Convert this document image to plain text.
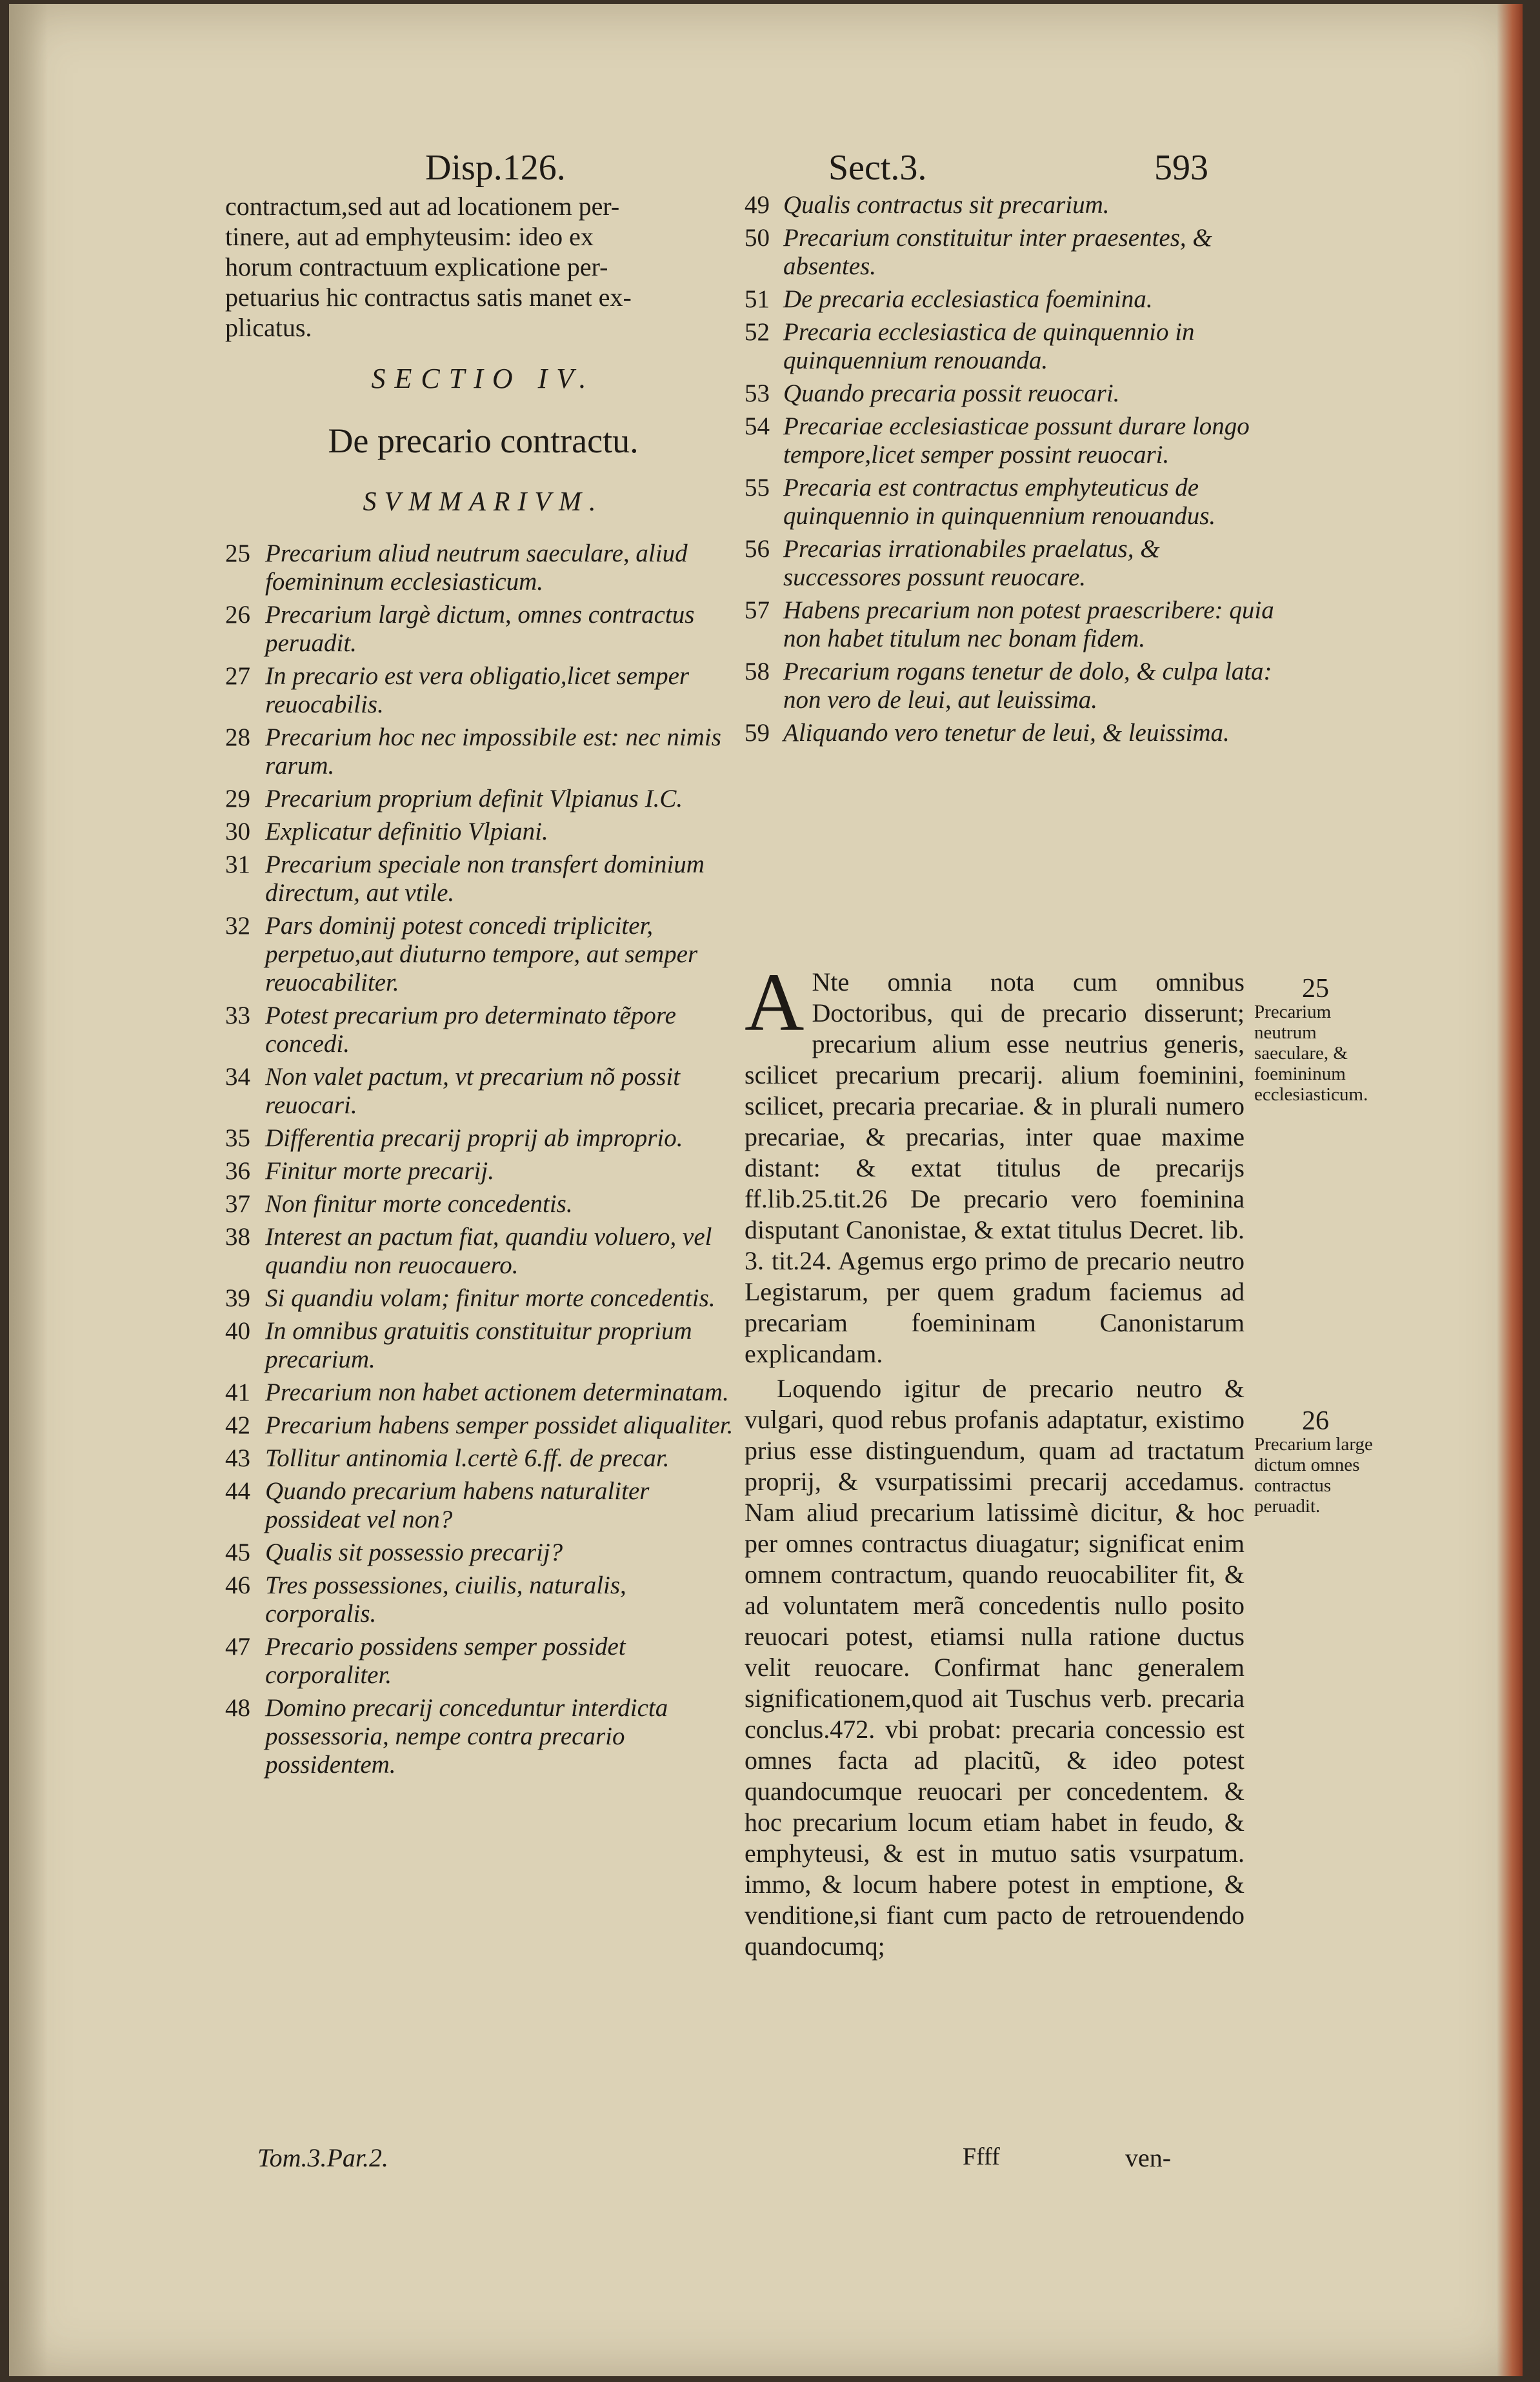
Disp.126.	Sect.3.	593

contractum,sed aut ad locationem per-

tinere, aut ad emphyteusim: ideo ex

horum contractuum explicatione per-

petuarius hic contractus satis manet ex-

plicatus.

SECTIO IV.
De precario contractu.
SVMMARIVM.
25 Precarium aliud neutrum saeculare, aliud foemininum ecclesiasticum.
26 Precarium largè dictum, omnes contractus peruadit.
27 In precario est vera obligatio,licet semper reuocabilis.
28 Precarium hoc nec impossibile est: nec nimis rarum.
29 Precarium proprium definit Vlpianus I.C.
30 Explicatur definitio Vlpiani.
31 Precarium speciale non transfert dominium directum, aut vtile.
32 Pars dominij potest concedi tripliciter, perpetuo,aut diuturno tempore, aut semper reuocabiliter.
33 Potest precarium pro determinato tẽpore concedi.
34 Non valet pactum, vt precarium nõ possit reuocari.
35 Differentia precarij proprij ab improprio.
36 Finitur morte precarij.
37 Non finitur morte concedentis.
38 Interest an pactum fiat, quandiu voluero, vel quandiu non reuocauero.
39 Si quandiu volam; finitur morte concedentis.
40 In omnibus gratuitis constituitur proprium precarium.
41 Precarium non habet actionem determinatam.
42 Precarium habens semper possidet aliqualiter.
43 Tollitur antinomia l.certè 6.ff. de precar.
44 Quando precarium habens naturaliter possideat vel non?
45 Qualis sit possessio precarij?
46 Tres possessiones, ciuilis, naturalis, corporalis.
47 Precario possidens semper possidet corporaliter.
48 Domino precarij conceduntur interdicta possessoria, nempe contra precario possidentem.
49 Qualis contractus sit precarium.
50 Precarium constituitur inter praesentes, & absentes.
51 De precaria ecclesiastica foeminina.
52 Precaria ecclesiastica de quinquennio in quinquennium renouanda.
53 Quando precaria possit reuocari.
54 Precariae ecclesiasticae possunt durare longo tempore,licet semper possint reuocari.
55 Precaria est contractus emphyteuticus de quinquennio in quinquennium renouandus.
56 Precarias irrationabiles praelatus, & successores possunt reuocare.
57 Habens precarium non potest praescribere: quia non habet titulum nec bonam fidem.
58 Precarium rogans tenetur de dolo, & culpa lata: non vero de leui, aut leuissima.
59 Aliquando vero tenetur de leui, & leuissima.

A Nte omnia nota cum omnibus Doctoribus, qui de precario disserunt; precarium alium esse neutrius generis, scilicet precarium precarij. alium foeminini, scilicet, precaria precariae. & in plurali numero precariae, & precarias, inter quae maxime distant: & extat titulus de precarijs ff.lib.25.tit.26 De precario vero foeminina disputant Canonistae, & extat titulus Decret. lib. 3. tit.24. Agemus ergo primo de precario neutro Legistarum, per quem gradum faciemus ad precariam foemininam Canonistarum explicandam.

Loquendo igitur de precario neutro & vulgari, quod rebus profanis adaptatur, existimo prius esse distinguendum, quam ad tractatum proprij, & vsurpatissimi precarij accedamus. Nam aliud precarium latissimè dicitur, & hoc per omnes contractus diuagatur; significat enim omnem contractum, quando reuocabiliter fit, & ad voluntatem merã concedentis nullo posito reuocari potest, etiamsi nulla ratione ductus velit reuocare. Confirmat hanc generalem significationem,quod ait Tuschus verb. precaria conclus.472. vbi probat: precaria concessio est omnes facta ad placitũ, & ideo potest quandocumque reuocari per concedentem. & hoc precarium locum etiam habet in feudo, & emphyteusi, & est in mutuo satis vsurpatum. immo, & locum habere potest in emptione, & venditione,si fiant cum pacto de retrouendendo quandocumq;

25
Precarium neutrum saeculare, & foemininum ecclesiasticum.
26
Precarium large dictum omnes contractus peruadit.
Tom.3.Par.2.	Ffff	ven-
